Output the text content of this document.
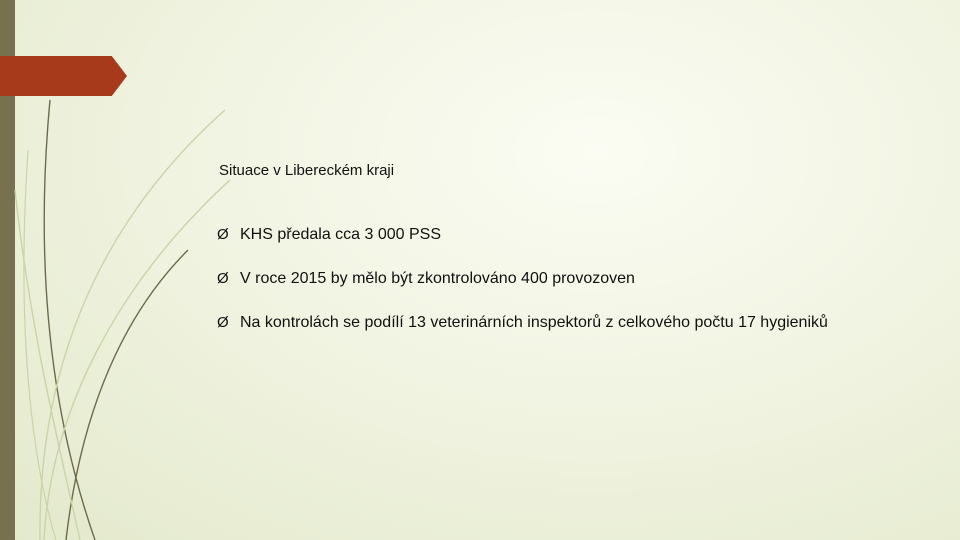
Situace v Libereckém kraji
Ø KHS předala cca 3 000 PSS
Ø V roce 2015 by mělo být zkontrolováno 400 provozoven
Ø Na kontrolách se podílí 13 veterinárních inspektorů z celkového počtu 17 hygieniků
